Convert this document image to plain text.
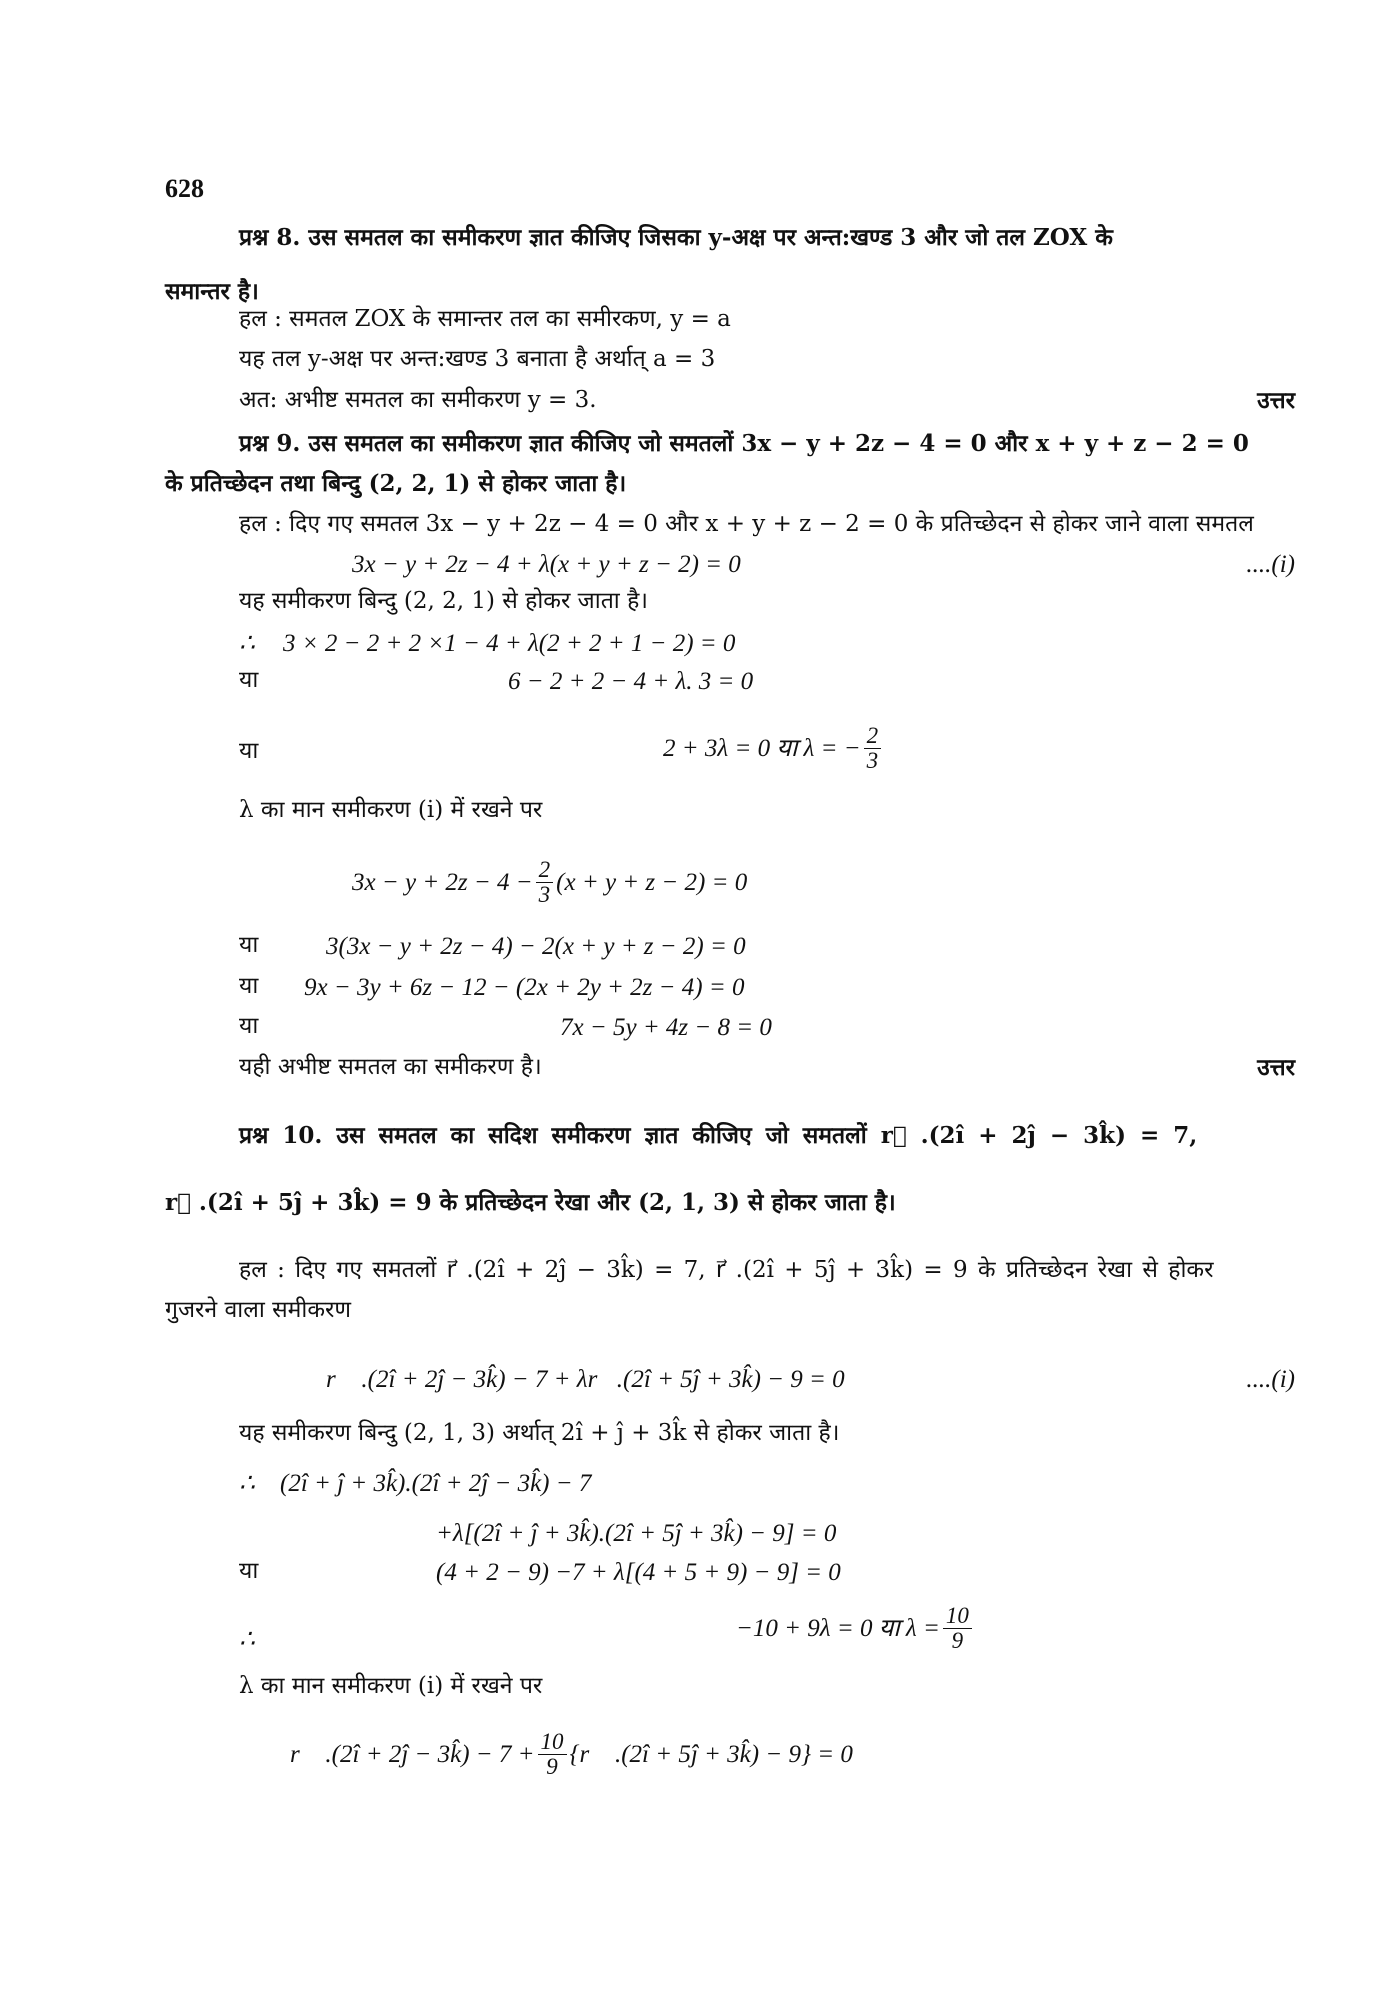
628
प्रश्न 8. उस समतल का समीकरण ज्ञात कीजिए जिसका y-अक्ष पर अन्त:खण्ड 3 और जो तल ZOX के
समान्तर है।
हल : समतल ZOX के समान्तर तल का समीरकण, y = a
यह तल y-अक्ष पर अन्त:खण्ड 3 बनाता है अर्थात् a = 3
अत: अभीष्ट समतल का समीकरण y = 3.	उत्तर
प्रश्न 9. उस समतल का समीकरण ज्ञात कीजिए जो समतलों 3x − y + 2z − 4 = 0 और x + y + z − 2 = 0
के प्रतिच्छेदन तथा बिन्दु (2, 2, 1) से होकर जाता है।
हल : दिए गए समतल 3x − y + 2z − 4 = 0 और x + y + z − 2 = 0 के प्रतिच्छेदन से होकर जाने वाला समतल
3x − y + 2z − 4 + λ(x + y + z − 2) = 0	....(i)
यह समीकरण बिन्दु (2, 2, 1) से होकर जाता है।
∴ 3 × 2 − 2 + 2 ×1 − 4 + λ(2 + 2 + 1 − 2) = 0
या	6 − 2 + 2 − 4 + λ. 3 = 0
या	2 + 3λ = 0 या λ = − $\frac{2}{3}$
λ का मान समीकरण (i) में रखने पर
$3x - y + 2z - 4 - \frac{2}{3} (x + y + z - 2) = 0$
या	3(3x − y + 2z − 4) − 2(x + y + z − 2) = 0
या 9x − 3y + 6z − 12 − (2x + 2y + 2z − 4) = 0
या	7x − 5y + 4z − 8 = 0
यही अभीष्ट समतल का समीकरण है।	उत्तर
प्रश्न 10. उस समतल का सदिश समीकरण ज्ञात कीजिए जो समतलों r⃗ .(2î + 2ĵ − 3k̂) = 7,
r⃗ .(2î + 5ĵ + 3k̂) = 9 के प्रतिच्छेदन रेखा और (2, 1, 3) से होकर जाता है।
हल : दिए गए समतलों r⃗ .(2î + 2ĵ − 3k̂) = 7, r⃗ .(2î + 5ĵ + 3k̂) = 9 के प्रतिच्छेदन रेखा से होकर
गुजरने वाला समीकरण
r⃗ .(2î + 2ĵ − 3k̂) − 7 + λr⃗.(2î + 5ĵ + 3k̂) − 9 = 0	....(i)
यह समीकरण बिन्दु (2, 1, 3) अर्थात् 2î + ĵ + 3k̂ से होकर जाता है।
∴ (2î + ĵ + 3k̂).(2î + 2ĵ − 3k̂) − 7
+λ[(2î + ĵ + 3k̂).(2î + 5ĵ + 3k̂) − 9] = 0
या	(4 + 2 − 9) −7 + λ[(4 + 5 + 9) − 9] = 0
∴	−10 + 9λ = 0 या $\lambda = \frac{10}{9}$
λ का मान समीकरण (i) में रखने पर
r⃗ .(2î + 2ĵ − 3k̂) − $7 + \frac{10}{9}$ {r⃗ .(2î + 5ĵ + 3k̂) − 9} = 0
